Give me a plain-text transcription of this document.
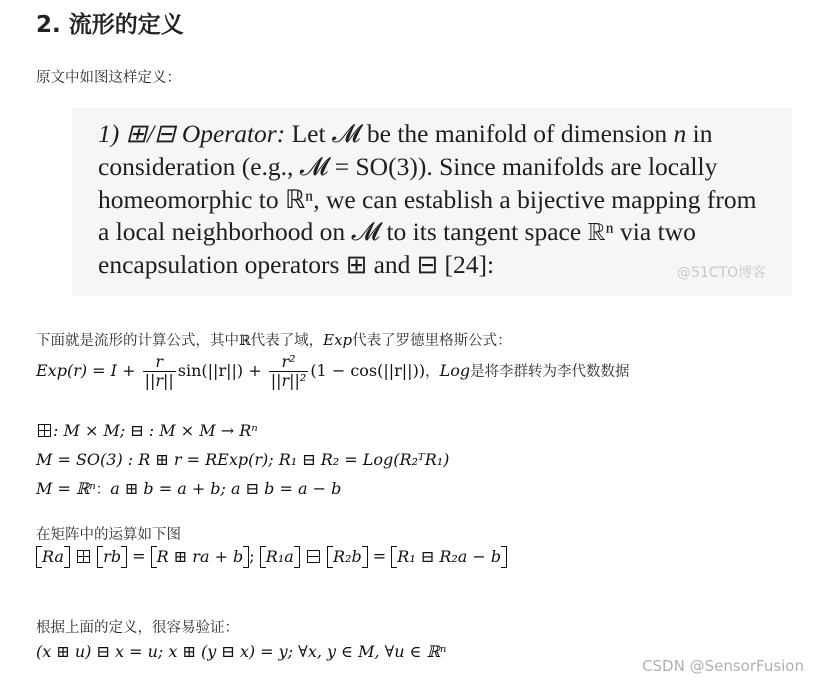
2. 流形的定义
原文中如图这样定义：
1) ⊞/⊟ Operator: Let 𝓜 be the manifold of dimension n in
consideration (e.g., 𝓜 = SO(3)). Since manifolds are locally
homeomorphic to ℝⁿ, we can establish a bijective mapping from
a local neighborhood on 𝓜 to its tangent space ℝⁿ via two
encapsulation operators ⊞ and ⊟ [24]:	@51CTO博客
下面就是流形的计算公式，其中ℝ代表了域，Exp代表了罗德里格斯公式：
$Exp(r) = I + \frac{r}{||r||} \sin(||r||) + \frac{\text{r²}}{\text{||r||²}} (1 - \cos(||r||))$，Log是将李群转为李代数数据
: M × M; ⊟ : M × M → Rⁿ
M = SO(3) : R ⊞ r = RExp(r); R₁ ⊟ R₂ = Log(R₂ᵀR₁)
M = ℝⁿ：a ⊞ b = a + b; a ⊟ b = a − b
在矩阵中的运算如下图
Ra rb = R ⊞ ra + b ; R₁a R₂b = R₁ ⊟ R₂a − b
根据上面的定义，很容易验证：
(x ⊞ u) ⊟ x = u; x ⊞ (y ⊟ x) = y; ∀x, y ∈ M, ∀u ∈ ℝⁿ
CSDN @SensorFusion
